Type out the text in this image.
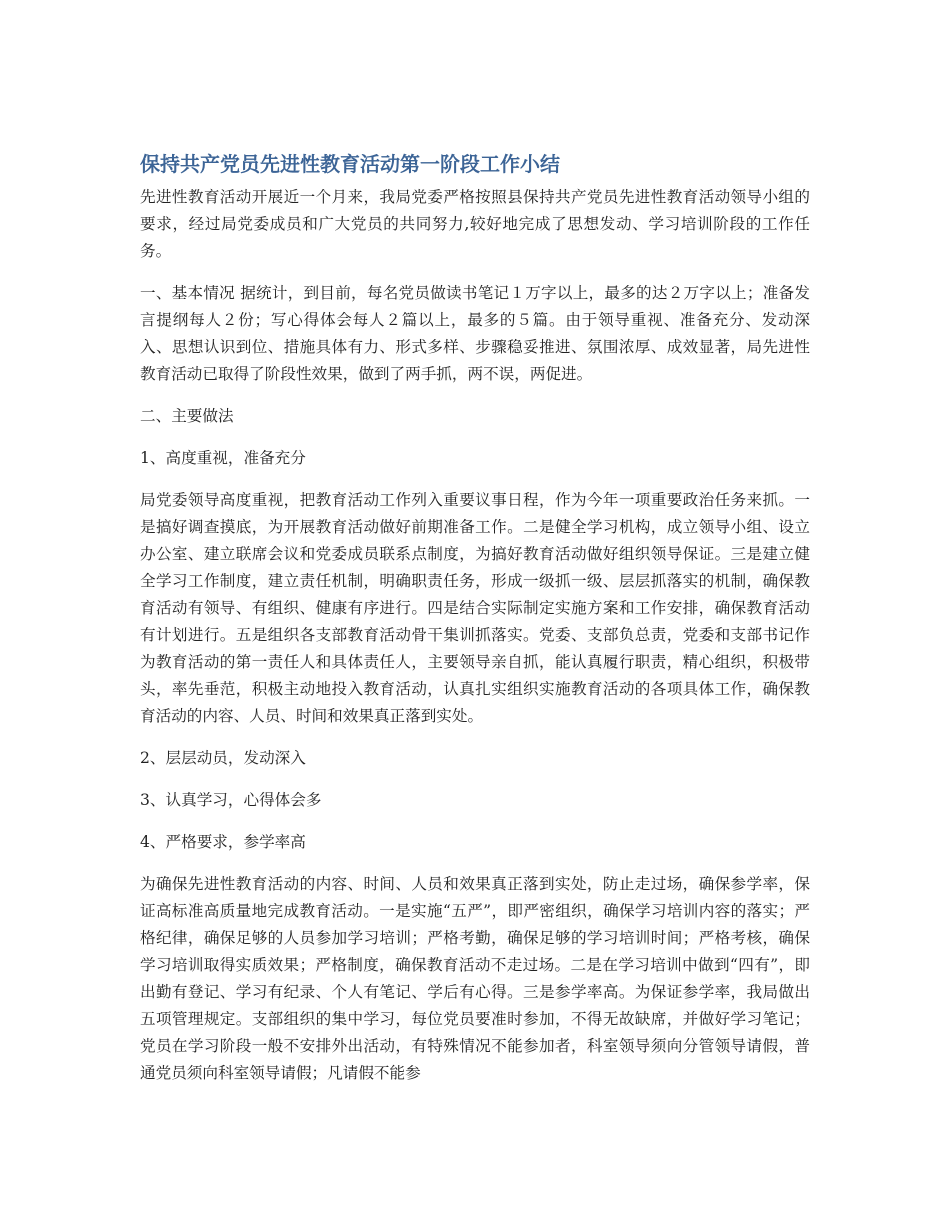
保持共产党员先进性教育活动第一阶段工作小结

先进性教育活动开展近一个月来，我局党委严格按照县保持共产党员先进性教育活动领导小组的要求，经过局党委成员和广大党员的共同努力,较好地完成了思想发动、学习培训阶段的工作任务。

一、基本情况 据统计，到目前，每名党员做读书笔记１万字以上，最多的达２万字以上；准备发言提纲每人２份；写心得体会每人２篇以上，最多的５篇。由于领导重视、准备充分、发动深入、思想认识到位、措施具体有力、形式多样、步骤稳妥推进、氛围浓厚、成效显著，局先进性教育活动已取得了阶段性效果，做到了两手抓，两不误，两促进。

二、主要做法

1、高度重视，准备充分

局党委领导高度重视，把教育活动工作列入重要议事日程，作为今年一项重要政治任务来抓。一是搞好调查摸底，为开展教育活动做好前期准备工作。二是健全学习机构，成立领导小组、设立办公室、建立联席会议和党委成员联系点制度，为搞好教育活动做好组织领导保证。三是建立健全学习工作制度，建立责任机制，明确职责任务，形成一级抓一级、层层抓落实的机制，确保教育活动有领导、有组织、健康有序进行。四是结合实际制定实施方案和工作安排，确保教育活动有计划进行。五是组织各支部教育活动骨干集训抓落实。党委、支部负总责，党委和支部书记作为教育活动的第一责任人和具体责任人，主要领导亲自抓，能认真履行职责，精心组织，积极带头，率先垂范，积极主动地投入教育活动，认真扎实组织实施教育活动的各项具体工作，确保教育活动的内容、人员、时间和效果真正落到实处。

2、层层动员，发动深入

3、认真学习，心得体会多

4、严格要求，参学率高

为确保先进性教育活动的内容、时间、人员和效果真正落到实处，防止走过场，确保参学率，保证高标准高质量地完成教育活动。一是实施“五严”，即严密组织，确保学习培训内容的落实；严格纪律，确保足够的人员参加学习培训；严格考勤，确保足够的学习培训时间；严格考核，确保学习培训取得实质效果；严格制度，确保教育活动不走过场。二是在学习培训中做到“四有”，即出勤有登记、学习有纪录、个人有笔记、学后有心得。三是参学率高。为保证参学率，我局做出五项管理规定。支部组织的集中学习，每位党员要准时参加，不得无故缺席，并做好学习笔记；党员在学习阶段一般不安排外出活动，有特殊情况不能参加者，科室领导须向分管领导请假，普通党员须向科室领导请假；凡请假不能参
